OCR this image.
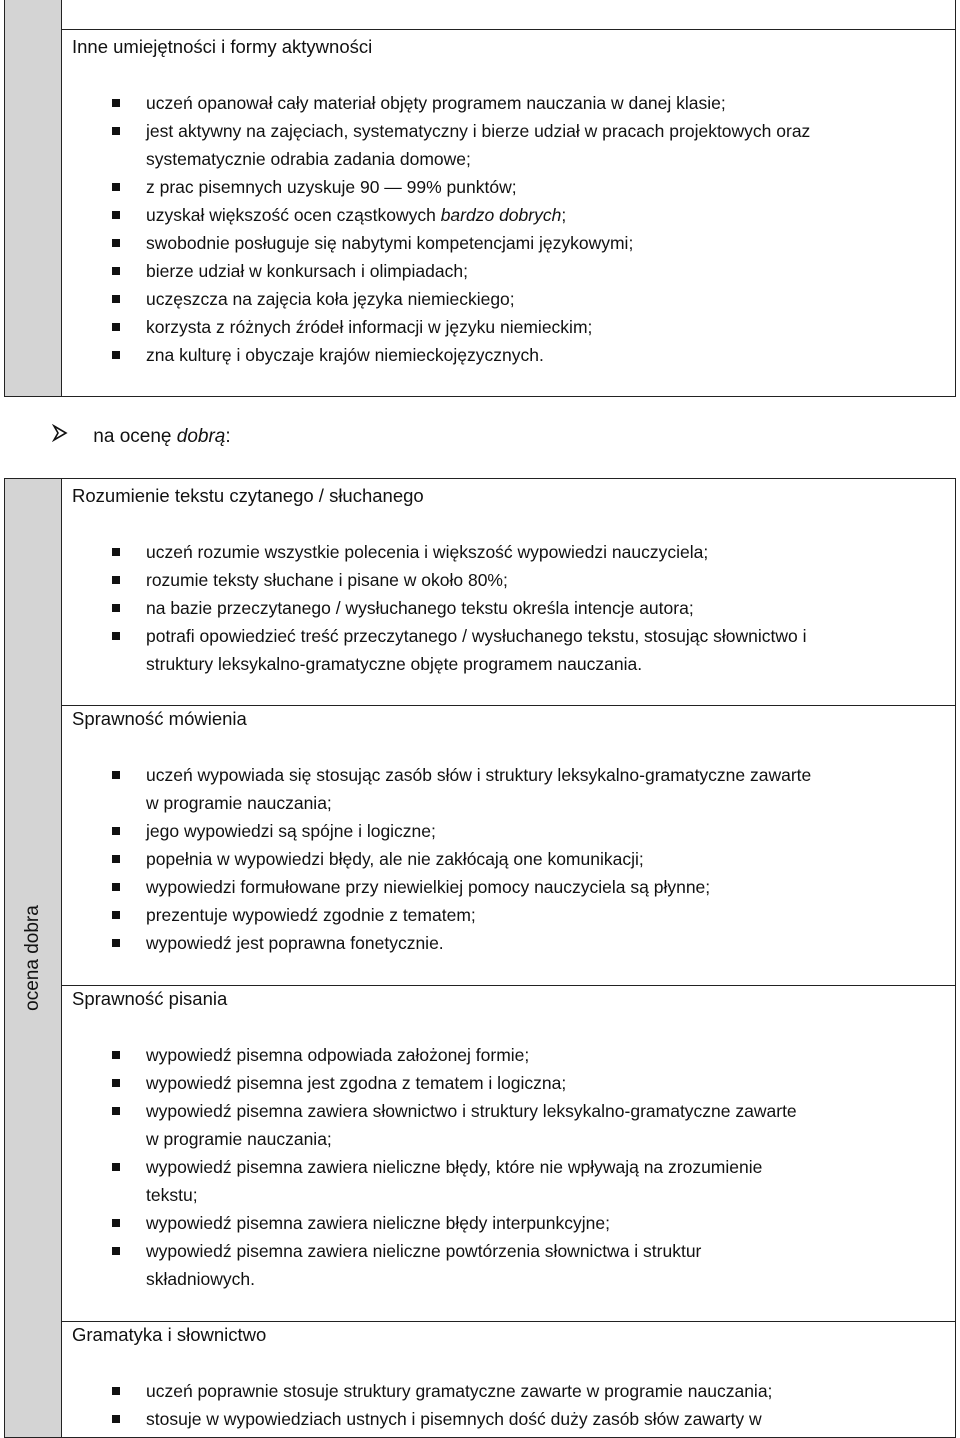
Inne umiejętności i formy aktywności
uczeń opanował cały materiał objęty programem nauczania w danej klasie;
jest aktywny na zajęciach, systematyczny i bierze udział w pracach projektowych oraz
systematycznie odrabia zadania domowe;
z prac pisemnych uzyskuje 90 — 99% punktów;
uzyskał większość ocen cząstkowych bardzo dobrych;
swobodnie posługuje się nabytymi kompetencjami językowymi;
bierze udział w konkursach i olimpiadach;
uczęszcza na zajęcia koła języka niemieckiego;
korzysta z różnych źródeł informacji w języku niemieckim;
zna kulturę i obyczaje krajów niemieckojęzycznych.
na ocenę dobrą:
ocena dobra
Rozumienie tekstu czytanego / słuchanego
uczeń rozumie wszystkie polecenia i większość wypowiedzi nauczyciela;
rozumie teksty słuchane i pisane w około 80%;
na bazie przeczytanego / wysłuchanego tekstu określa intencje autora;
potrafi opowiedzieć treść przeczytanego / wysłuchanego tekstu, stosując słownictwo i
struktury leksykalno-gramatyczne objęte programem nauczania.
Sprawność mówienia
uczeń wypowiada się stosując zasób słów i struktury leksykalno-gramatyczne zawarte
w programie nauczania;
jego wypowiedzi są spójne i logiczne;
popełnia w wypowiedzi błędy, ale nie zakłócają one komunikacji;
wypowiedzi formułowane przy niewielkiej pomocy nauczyciela są płynne;
prezentuje wypowiedź zgodnie z tematem;
wypowiedź jest poprawna fonetycznie.
Sprawność pisania
wypowiedź pisemna odpowiada założonej formie;
wypowiedź pisemna jest zgodna z tematem i logiczna;
wypowiedź pisemna zawiera słownictwo i struktury leksykalno-gramatyczne zawarte
w programie nauczania;
wypowiedź pisemna zawiera nieliczne błędy, które nie wpływają na zrozumienie
tekstu;
wypowiedź pisemna zawiera nieliczne błędy interpunkcyjne;
wypowiedź pisemna zawiera nieliczne powtórzenia słownictwa i struktur
składniowych.
Gramatyka i słownictwo
uczeń poprawnie stosuje struktury gramatyczne zawarte w programie nauczania;
stosuje w wypowiedziach ustnych i pisemnych dość duży zasób słów zawarty w
